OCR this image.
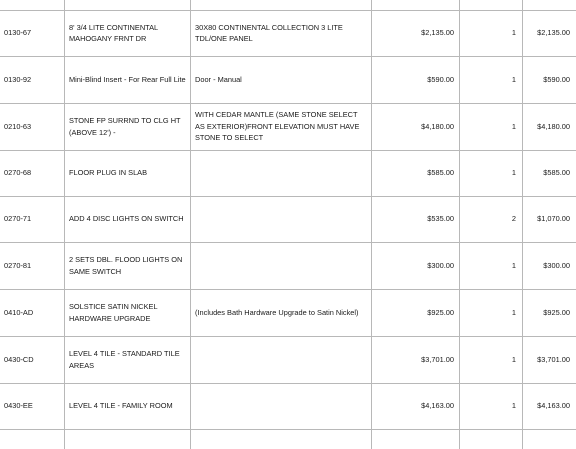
0130-67	8' 3/4 LITE CONTINENTAL MAHOGANY FRNT DR	30X80 CONTINENTAL COLLECTION 3 LITE TDL/ONE PANEL	$2,135.00	1	$2,135.00
0130-92	Mini-Blind Insert - For Rear Full Lite	Door - Manual	$590.00	1	$590.00
0210-63	STONE FP SURRND TO CLG HT (ABOVE 12') -	WITH CEDAR MANTLE (SAME STONE SELECT AS EXTERIOR)FRONT ELEVATION MUST HAVE STONE TO SELECT	$4,180.00	1	$4,180.00
0270-68	FLOOR PLUG IN SLAB		$585.00	1	$585.00
0270-71	ADD 4 DISC LIGHTS ON SWITCH		$535.00	2	$1,070.00
0270-81	2 SETS DBL. FLOOD LIGHTS ON SAME SWITCH		$300.00	1	$300.00
0410-AD	SOLSTICE SATIN NICKEL HARDWARE UPGRADE	(Includes Bath Hardware Upgrade to Satin Nickel)	$925.00	1	$925.00
0430-CD	LEVEL 4 TILE - STANDARD TILE AREAS		$3,701.00	1	$3,701.00
0430-EE	LEVEL 4 TILE - FAMILY ROOM		$4,163.00	1	$4,163.00
